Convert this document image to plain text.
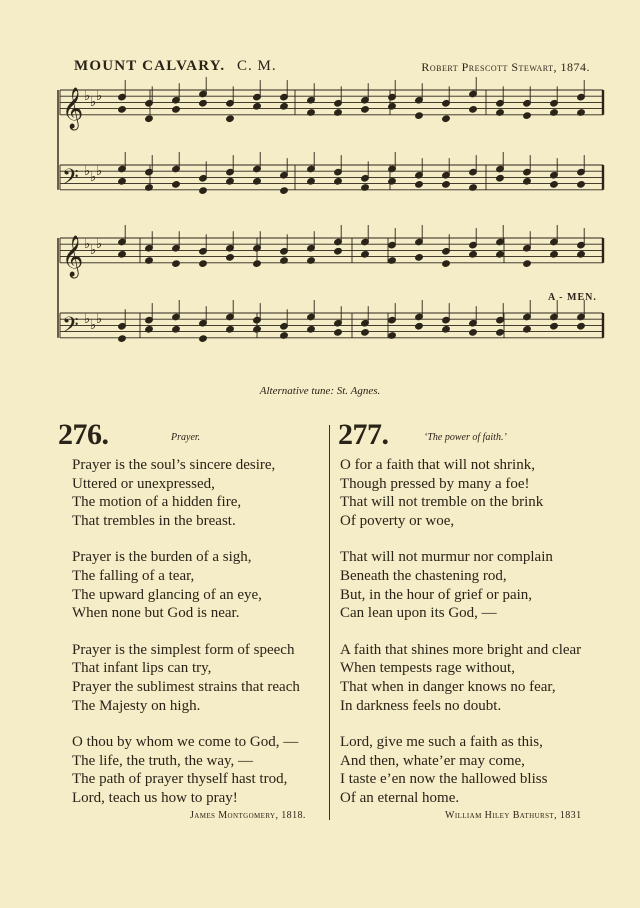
MOUNT CALVARY. C. M.	Robert Prescott Stewart, 1874.
𝄞 ♭ ♭ ♭
𝄢 ♭ ♭ ♭
𝄞 ♭ ♭ ♭
𝄢 ♭ ♭ ♭
A - MEN.
Alternative tune: St. Agnes.
276.	Prayer.
Prayer is the soul’s sincere desire,
Uttered or unexpressed,
The motion of a hidden fire,
That trembles in the breast.
Prayer is the burden of a sigh,
The falling of a tear,
The upward glancing of an eye,
When none but God is near.
Prayer is the simplest form of speech
That infant lips can try,
Prayer the sublimest strains that reach
The Majesty on high.
O thou by whom we come to God, —
The life, the truth, the way, —
The path of prayer thyself hast trod,
Lord, teach us how to pray!
277.	‘The power of faith.’
O for a faith that will not shrink,
Though pressed by many a foe!
That will not tremble on the brink
Of poverty or woe,
That will not murmur nor complain
Beneath the chastening rod,
But, in the hour of grief or pain,
Can lean upon its God, —
A faith that shines more bright and clear
When tempests rage without,
That when in danger knows no fear,
In darkness feels no doubt.
Lord, give me such a faith as this,
And then, whate’er may come,
I taste e’en now the hallowed bliss
Of an eternal home.
James Montgomery, 1818.	William Hiley Bathurst, 1831
